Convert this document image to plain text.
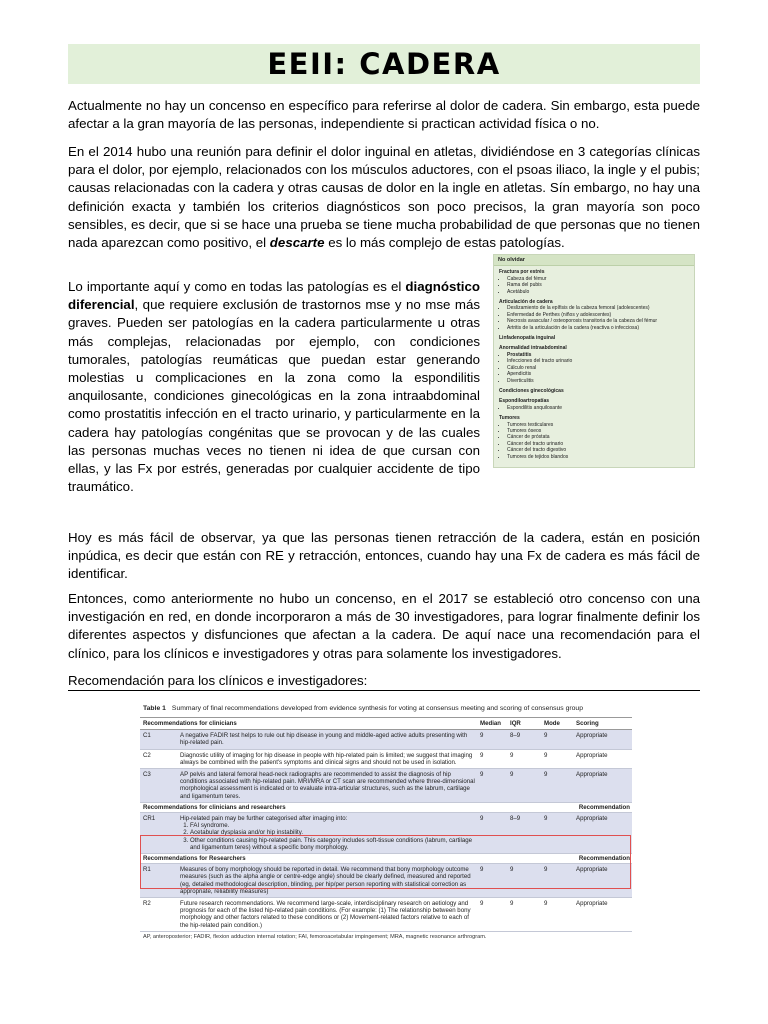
EEII: CADERA

Actualmente no hay un concenso en específico para referirse al dolor de cadera. Sin embargo, esta puede afectar a la gran mayoría de las personas, independiente si practican actividad física o no.

En el 2014 hubo una reunión para definir el dolor inguinal en atletas, dividiéndose en 3 categorías clínicas para el dolor, por ejemplo, relacionados con los músculos aductores, con el psoas iliaco, la ingle y el pubis; causas relacionadas con la cadera y otras causas de dolor en la ingle en atletas. Sín embargo, no hay una definición exacta y también los criterios diagnósticos son poco precisos, la gran mayoría son poco sensibles, es decir, que si se hace una prueba se tiene mucha probabilidad de que personas que no tienen nada aparezcan como positivo, el descarte es lo más complejo de estas patologías.

Lo importante aquí y como en todas las patologías es el diagnóstico diferencial, que requiere exclusión de trastornos mse y no mse más graves. Pueden ser patologías en la cadera particularmente u otras más complejas, relacionadas por ejemplo, con condiciones tumorales, patologías reumáticas que puedan estar generando molestias u complicaciones en la zona como la espondilitis anquilosante, condiciones ginecológicas en la zona intraabdominal como prostatitis infección en el tracto urinario, y particularmente en la cadera hay patologías congénitas que se provocan y de las cuales las personas muchas veces no tienen ni idea de que cursan con ellas, y las Fx por estrés, generadas por cualquier accidente de tipo traumático.

No olvidar
Fractura por estrés
• Cabeza del fémur
• Rama del pubis
• Acetábulo
Articulación de cadera
• Deslizamiento de la epífisis de la cabeza femoral (adolescentes)
• Enfermedad de Perthes (niños y adolescentes)
• Necrosis avascular / osteoporosis transitoria de la cabeza del fémur
• Artritis de la articulación de la cadera (reactiva o infecciosa)
Linfadenopatía inguinal
Anormalidad intraabdominal
• Prostatitis
• Infecciones del tracto urinario
• Cálculo renal
• Apendicitis
• Diverticulitis
Condiciones ginecológicas
Espondiloartropatías
• Espondilitis anquilosante
Tumores
• Tumores testiculares
• Tumores óseos
• Cáncer de próstata
• Cáncer del tracto urinario
• Cáncer del tracto digestivo
• Tumores de tejidos blandos

Hoy es más fácil de observar, ya que las personas tienen retracción de la cadera, están en posición inpúdica, es decir que están con RE y retracción, entonces, cuando hay una Fx de cadera es más fácil de identificar.

Entonces, como anteriormente no hubo un concenso, en el 2017 se estableció otro concenso con una investigación en red, en donde incorporaron a más de 30 investigadores, para lograr finalmente definir los diferentes aspectos y disfunciones que afectan a la cadera. De aquí nace una recomendación para el clínico, para los clínicos e investigadores y otras para solamente los investigadores.

Recomendación para los clínicos e investigadores:

Table 1 Summary of final recommendations developed from evidence synthesis for voting at consensus meeting and scoring of consensus group
Recommendations for clinicians	Median	IQR	Mode	Scoring
C1	A negative FADIR test helps to rule out hip disease in young and middle-aged active adults presenting with hip-related pain.
9	8–9	9	Appropriate
C2	Diagnostic utility of imaging for hip disease in people with hip-related pain is limited; we suggest that imaging always be combined with the patient's symptoms and clinical signs and should not be used in isolation.
9	9	9	Appropriate
C3	AP pelvis and lateral femoral head-neck radiographs are recommended to assist the diagnosis of hip conditions associated with hip-related pain. MRI/MRA or CT scan are recommended where three-dimensional morphological assessment is indicated or to evaluate intra-articular structures, such as the labrum, cartilage and ligamentum teres.
9	9	9	Appropriate
Recommendations for clinicians and researchers	Recommendation
CR1	Hip-related pain may be further categorised after imaging into:
1. FAI syndrome.
2. Acetabular dysplasia and/or hip instability.
3. Other conditions causing hip-related pain. This category includes soft-tissue conditions (labrum, cartilage and ligamentum teres) without a specific bony morphology.
9	8–9	9	Appropriate
Recommendations for Researchers	Recommendation
R1	Measures of bony morphology should be reported in detail. We recommend that bony morphology outcome measures (such as the alpha angle or centre-edge angle) should be clearly defined, measured and reported (eg, detailed methodological description, blinding, per hip/per person reporting with statistical correction as appropriate, reliability measures)
9	9	9	Appropriate
R2	Future research recommendations. We recommend large-scale, interdisciplinary research on aetiology and prognosis for each of the listed hip-related pain conditions. (For example: (1) The relationship between bony morphology and other factors related to these conditions or (2) Movement-related factors relative to each of the hip-related pain condition.)
9	9	9	Appropriate
AP, anteroposterior; FADIR, flexion adduction internal rotation; FAI, femoroacetabular impingement; MRA, magnetic resonance arthrogram.
